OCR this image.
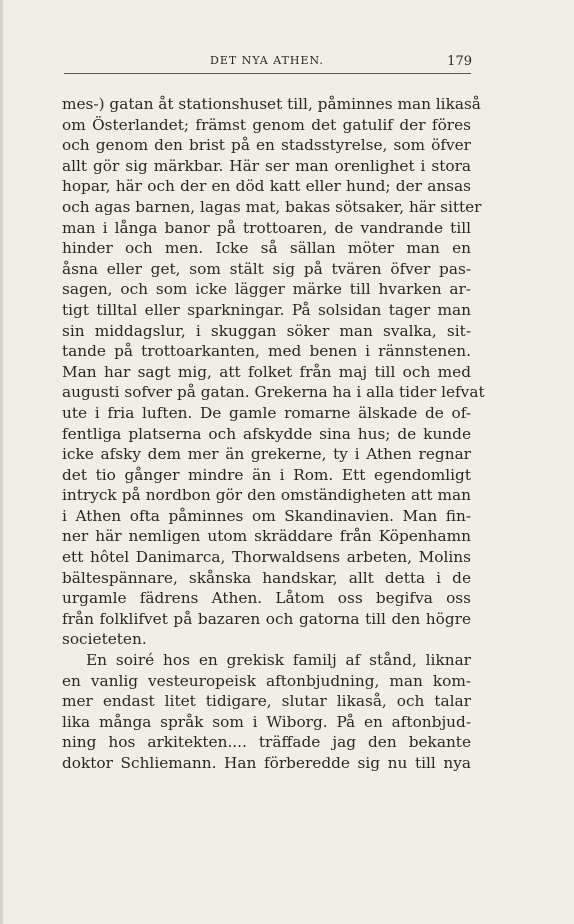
DET NYA ATHEN.	179
mes-) gatan åt stationshuset till, påminnes man likaså
om Österlandet; främst genom det gatulif der föres
och genom den brist på en stadsstyrelse, som öfver
allt gör sig märkbar. Här ser man orenlighet i stora
hopar, här och der en död katt eller hund; der ansas
och agas barnen, lagas mat, bakas sötsaker, här sitter
man i långa banor på trottoaren, de vandrande till
hinder och men. Icke så sällan möter man en
åsna eller get, som stält sig på tvären öfver pas-
sagen, och som icke lägger märke till hvarken ar-
tigt tilltal eller sparkningar. På solsidan tager man
sin middagslur, i skuggan söker man svalka, sit-
tande på trottoarkanten, med benen i rännstenen.
Man har sagt mig, att folket från maj till och med
augusti sofver på gatan. Grekerna ha i alla tider lefvat
ute i fria luften. De gamle romarne älskade de of-
fentliga platserna och afskydde sina hus; de kunde
icke afsky dem mer än grekerne, ty i Athen regnar
det tio gånger mindre än i Rom. Ett egendomligt
intryck på nordbon gör den omständigheten att man
i Athen ofta påminnes om Skandinavien. Man fin-
ner här nemligen utom skräddare från Köpenhamn
ett hôtel Danimarca, Thorwaldsens arbeten, Molins
bältespännare, skånska handskar, allt detta i de
urgamle fädrens Athen. Låtom oss begifva oss
från folklifvet på bazaren och gatorna till den högre
societeten.
En soiré hos en grekisk familj af stånd, liknar
en vanlig vesteuropeisk aftonbjudning, man kom-
mer endast litet tidigare, slutar likaså, och talar
lika många språk som i Wiborg. På en aftonbjud-
ning hos arkitekten.... träffade jag den bekante
doktor Schliemann. Han förberedde sig nu till nya
